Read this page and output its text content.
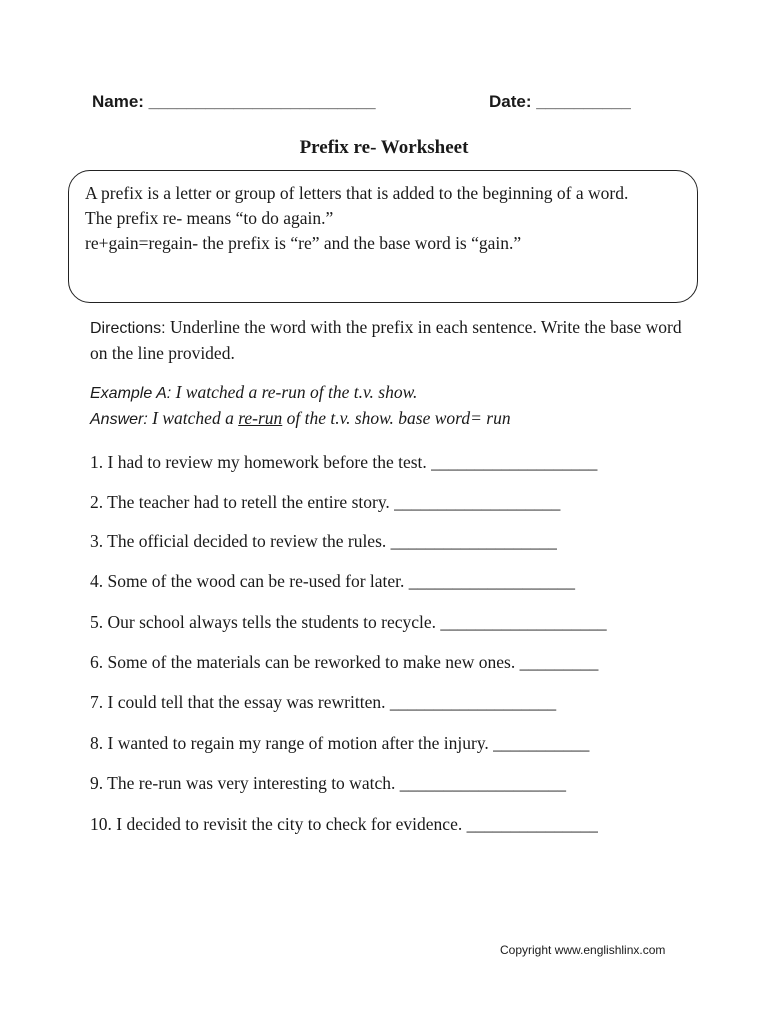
Name: ________________________	Date: __________
Prefix re- Worksheet

A prefix is a letter or group of letters that is added to the beginning of a word.

The prefix re- means “to do again.”

re+gain=regain- the prefix is “re” and the base word is “gain.”

Directions: Underline the word with the prefix in each sentence. Write the base word on the line provided.

Example A: I watched a re-run of the t.v. show.

Answer: I watched a re-run of the t.v. show. base word= run

1. I had to review my homework before the test. ___________________
2. The teacher had to retell the entire story. ___________________
3. The official decided to review the rules. ___________________
4. Some of the wood can be re-used for later. ___________________
5. Our school always tells the students to recycle. ___________________
6. Some of the materials can be reworked to make new ones. _________
7. I could tell that the essay was rewritten. ___________________
8. I wanted to regain my range of motion after the injury. ___________
9. The re-run was very interesting to watch. ___________________
10. I decided to revisit the city to check for evidence. _______________
Copyright www.englishlinx.com
